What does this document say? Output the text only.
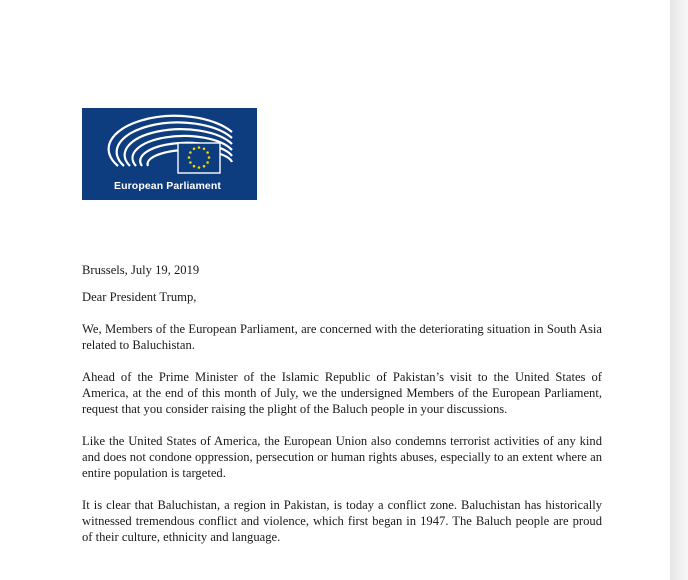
European Parliament

Brussels, July 19, 2019

Dear President Trump,

We, Members of the European Parliament, are concerned with the deteriorating situation in South Asia related to Baluchistan.

Ahead of the Prime Minister of the Islamic Republic of Pakistan’s visit to the United States of America, at the end of this month of July, we the undersigned Members of the European Parliament, request that you consider raising the plight of the Baluch people in your discussions.

Like the United States of America, the European Union also condemns terrorist activities of any kind and does not condone oppression, persecution or human rights abuses, especially to an extent where an entire population is targeted.

It is clear that Baluchistan, a region in Pakistan, is today a conflict zone. Baluchistan has historically witnessed tremendous conflict and violence, which first began in 1947. The Baluch people are proud of their culture, ethnicity and language.
